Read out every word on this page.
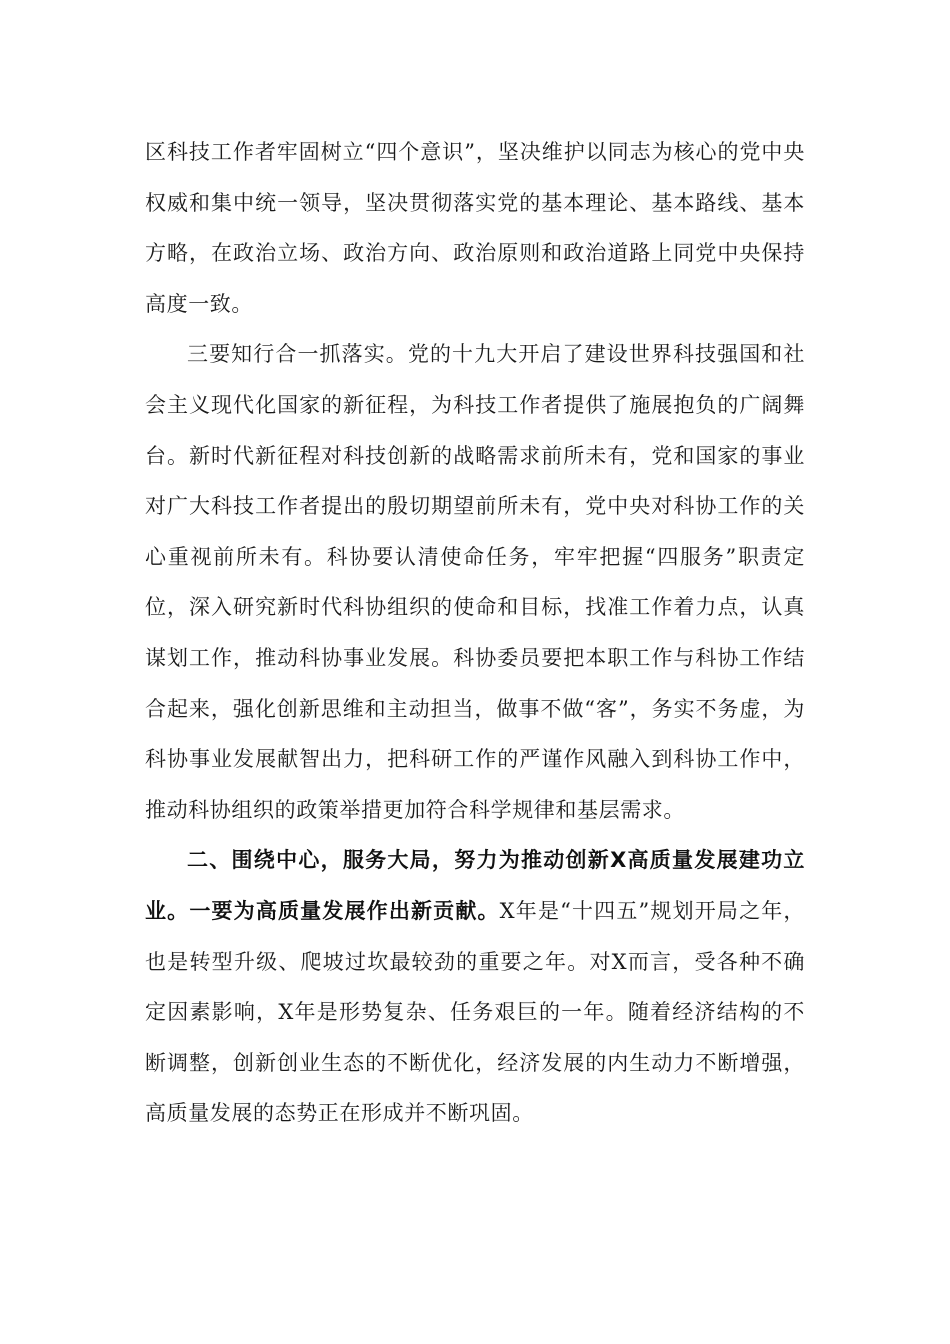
区科技工作者牢固树立“四个意识”，坚决维护以同志为核心的党中央权威和集中统一领导，坚决贯彻落实党的基本理论、基本路线、基本方略，在政治立场、政治方向、政治原则和政治道路上同党中央保持高度一致。

三要知行合一抓落实。党的十九大开启了建设世界科技强国和社会主义现代化国家的新征程，为科技工作者提供了施展抱负的广阔舞台。新时代新征程对科技创新的战略需求前所未有，党和国家的事业对广大科技工作者提出的殷切期望前所未有，党中央对科协工作的关心重视前所未有。科协要认清使命任务，牢牢把握“四服务”职责定位，深入研究新时代科协组织的使命和目标，找准工作着力点，认真谋划工作，推动科协事业发展。科协委员要把本职工作与科协工作结合起来，强化创新思维和主动担当，做事不做“客”，务实不务虚，为科协事业发展献智出力，把科研工作的严谨作风融入到科协工作中，推动科协组织的政策举措更加符合科学规律和基层需求。

二、围绕中心，服务大局，努力为推动创新X高质量发展建功立业。一要为高质量发展作出新贡献。X年是“十四五”规划开局之年，也是转型升级、爬坡过坎最较劲的重要之年。对X而言，受各种不确定因素影响，X年是形势复杂、任务艰巨的一年。随着经济结构的不断调整，创新创业生态的不断优化，经济发展的内生动力不断增强，高质量发展的态势正在形成并不断巩固。
